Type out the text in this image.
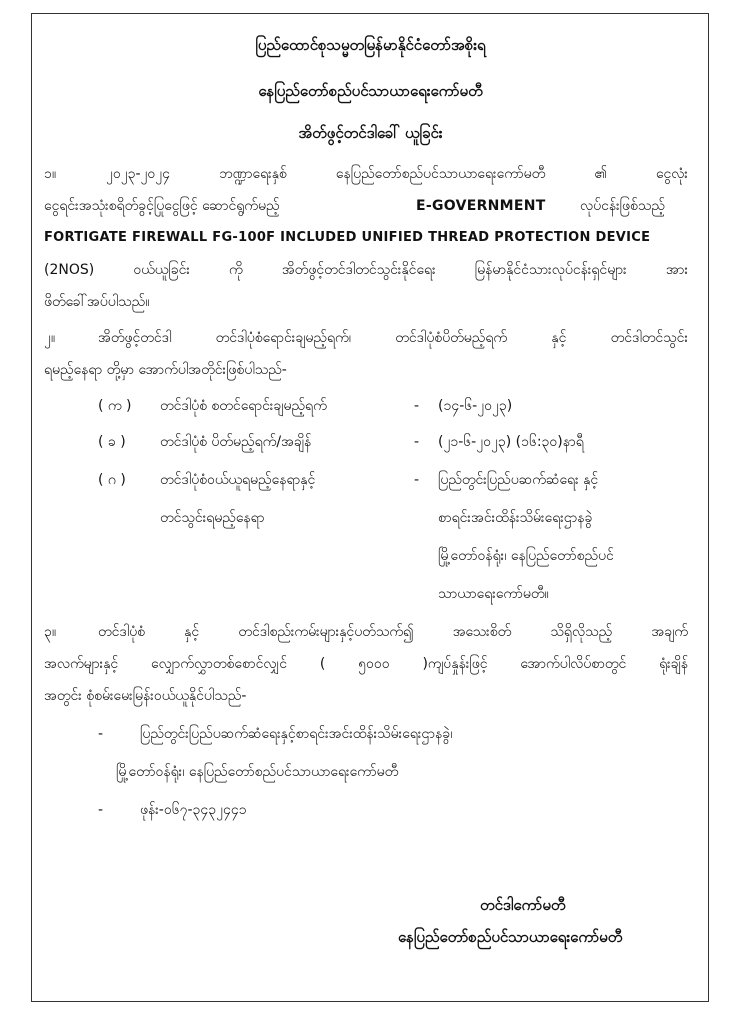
ပြည်ထောင်စုသမ္မတမြန်မာနိုင်ငံတော်အစိုးရ
နေပြည်တော်စည်ပင်သာယာရေးကော်မတီ
အိတ်ဖွင့်တင်ဒါခေါ် ယူခြင်း
၁။	၂၀၂၃-၂၀၂၄ ဘဏ္ဍာရေးနှစ် နေပြည်တော်စည်ပင်သာယာရေးကော်မတီ ၏ ငွေလုံး
ငွေရင်းအသုံးစရိတ်ခွင့်ပြုငွေဖြင့် ဆောင်ရွက်မည့်	E-GOVERNMENT လုပ်ငန်းဖြစ်သည့်
FORTIGATE FIREWALL FG-100F INCLUDED UNIFIED THREAD PROTECTION DEVICE
(2NOS) ဝယ်ယူခြင်း ကို အိတ်ဖွင့်တင်ဒါတင်သွင်းနိုင်ရေး မြန်မာနိုင်ငံသားလုပ်ငန်းရှင်များ အား
ဖိတ်ခေါ်အပ်ပါသည်။
၂။	အိတ်ဖွင့်တင်ဒါ တင်ဒါပုံစံရောင်းချမည့်ရက်၊ တင်ဒါပုံစံပိတ်မည့်ရက် နှင့် တင်ဒါတင်သွင်း
ရမည့်နေရာ တို့မှာ အောက်ပါအတိုင်းဖြစ်ပါသည်-
( က ) တင်ဒါပုံစံ စတင်ရောင်းချမည့်ရက်	- (၁၄-၆-၂၀၂၃)
( ခ ) တင်ဒါပုံစံ ပိတ်မည့်ရက်/အချိန်	- (၂၁-၆-၂၀၂၃) (၁၆:၃၀)နာရီ
( ဂ ) တင်ဒါပုံစံဝယ်ယူရမည့်နေရာနှင့်
တင်သွင်းရမည့်နေရာ
- ပြည်တွင်းပြည်ပဆက်ဆံရေး နှင့်
စာရင်းအင်းထိန်းသိမ်းရေးဌာနခွဲ
မြို့တော်ဝန်ရုံး၊ နေပြည်တော်စည်ပင်
သာယာရေးကော်မတီ။
၃။	တင်ဒါပုံစံ နှင့် တင်ဒါစည်းကမ်းများနှင့်ပတ်သက်၍ အသေးစိတ် သိရှိလိုသည့် အချက်
အလက်များနှင့် လျှောက်လွှာတစ်စောင်လျှင် ( ၅၀၀၀ )ကျပ်နှုန်းဖြင့် အောက်ပါလိပ်စာတွင် ရုံးချိန်
အတွင်း စုံစမ်းမေးမြန်းဝယ်ယူနိုင်ပါသည်-
-	ပြည်တွင်းပြည်ပဆက်ဆံရေးနှင့်စာရင်းအင်းထိန်းသိမ်းရေးဌာနခွဲ၊
မြို့တော်ဝန်ရုံး၊ နေပြည်တော်စည်ပင်သာယာရေးကော်မတီ
-	ဖုန်း-၀၆၇-၃၄၃၂၄၄၁
တင်ဒါကော်မတီ
နေပြည်တော်စည်ပင်သာယာရေးကော်မတီ
